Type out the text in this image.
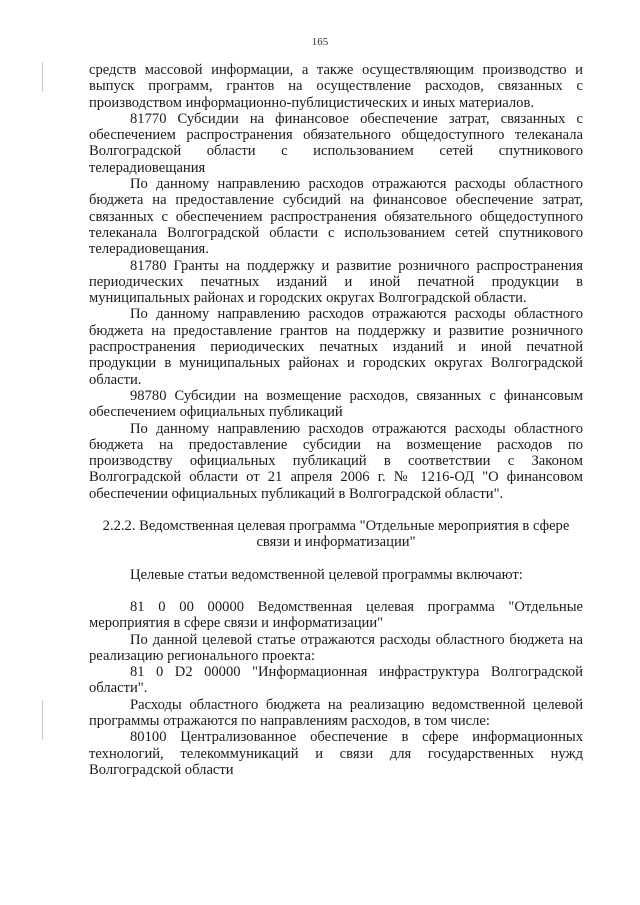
165

средств массовой информации, а также осуществляющим производство и выпуск программ, грантов на осуществление расходов, связанных с производством информационно-публицистических и иных материалов.

81770 Субсидии на финансовое обеспечение затрат, связанных с обеспечением распространения обязательного общедоступного телеканала Волгоградской области с использованием сетей спутникового телерадиовещания

По данному направлению расходов отражаются расходы областного бюджета на предоставление субсидий на финансовое обеспечение затрат, связанных с обеспечением распространения обязательного общедоступного телеканала Волгоградской области с использованием сетей спутникового телерадиовещания.

81780 Гранты на поддержку и развитие розничного распространения периодических печатных изданий и иной печатной продукции в муниципальных районах и городских округах Волгоградской области.

По данному направлению расходов отражаются расходы областного бюджета на предоставление грантов на поддержку и развитие розничного распространения периодических печатных изданий и иной печатной продукции в муниципальных районах и городских округах Волгоградской области.

98780 Субсидии на возмещение расходов, связанных с финансовым обеспечением официальных публикаций

По данному направлению расходов отражаются расходы областного бюджета на предоставление субсидии на возмещение расходов по производству официальных публикаций в соответствии с Законом Волгоградской области от 21 апреля 2006 г. № 1216-ОД "О финансовом обеспечении официальных публикаций в Волгоградской области".

2.2.2. Ведомственная целевая программа "Отдельные мероприятия в сфере связи и информатизации"

Целевые статьи ведомственной целевой программы включают:

81 0 00 00000 Ведомственная целевая программа "Отдельные мероприятия в сфере связи и информатизации"

По данной целевой статье отражаются расходы областного бюджета на реализацию регионального проекта:

81 0 D2 00000 "Информационная инфраструктура Волгоградской области".

Расходы областного бюджета на реализацию ведомственной целевой программы отражаются по направлениям расходов, в том числе:

80100 Централизованное обеспечение в сфере информационных технологий, телекоммуникаций и связи для государственных нужд Волгоградской области
